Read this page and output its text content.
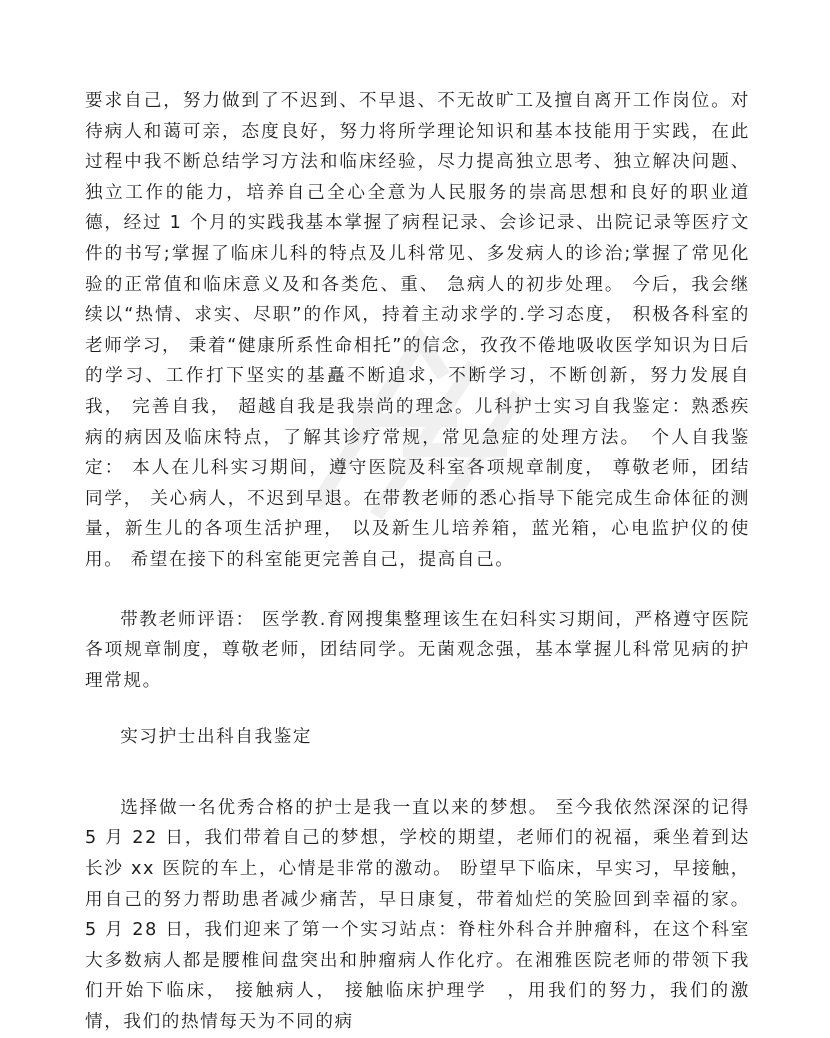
要求自己，努力做到了不迟到、不早退、不无故旷工及擅自离开工作岗位。对待病人和蔼可亲，态度良好，努力将所学理论知识和基本技能用于实践，在此过程中我不断总结学习方法和临床经验，尽力提高独立思考、独立解决问题、独立工作的能力，培养自己全心全意为人民服务的崇高思想和良好的职业道德，经过 1 个月的实践我基本掌握了病程记录、会诊记录、出院记录等医疗文件的书写;掌握了临床儿科的特点及儿科常见、多发病人的诊治;掌握了常见化验的正常值和临床意义及和各类危、重、 急病人的初步处理。 今后，我会继续以“热情、求实、尽职”的作风，持着主动求学的.学习态度， 积极各科室的老师学习， 秉着“健康所系性命相托”的信念，孜孜不倦地吸收医学知识为日后的学习、工作打下坚实的基矗不断追求，不断学习，不断创新，努力发展自我， 完善自我， 超越自我是我崇尚的理念。儿科护士实习自我鉴定：熟悉疾病的病因及临床特点，了解其诊疗常规，常见急症的处理方法。　个人自我鉴定： 本人在儿科实习期间，遵守医院及科室各项规章制度， 尊敬老师，团结同学， 关心病人，不迟到早退。在带教老师的悉心指导下能完成生命体征的测量，新生儿的各项生活护理， 以及新生儿培养箱，蓝光箱，心电监护仪的使用。 希望在接下的科室能更完善自己，提高自己。

带教老师评语： 医学教.育网搜集整理该生在妇科实习期间，严格遵守医院各项规章制度，尊敬老师，团结同学。无菌观念强，基本掌握儿科常见病的护理常规。

实习护士出科自我鉴定

选择做一名优秀合格的护士是我一直以来的梦想。 至今我依然深深的记得 5 月 22 日，我们带着自己的梦想，学校的期望，老师们的祝福，乘坐着到达长沙 xx 医院的车上，心情是非常的激动。 盼望早下临床，早实习，早接触，用自己的努力帮助患者减少痛苦，早日康复，带着灿烂的笑脸回到幸福的家。 5 月 28 日，我们迎来了第一个实习站点：脊柱外科合并肿瘤科，在这个科室大多数病人都是腰椎间盘突出和肿瘤病人作化疗。在湘雅医院老师的带领下我们开始下临床， 接触病人， 接触临床护理学　，用我们的努力，我们的激情，我们的热情每天为不同的病
